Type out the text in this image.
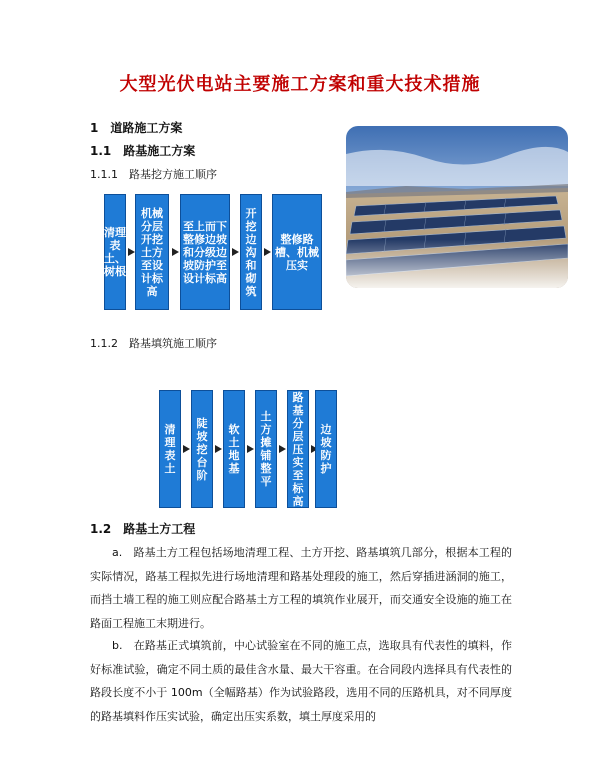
大型光伏电站主要施工方案和重大技术措施
1　道路施工方案
1.1　路基施工方案
1.1.1　路基挖方施工顺序
清理表土、树根
机械分层开挖土方至设计标高
至上而下整修边坡和分级边坡防护至设计标高
开挖边沟和砌筑
整修路槽、机械压实
1.1.2　路基填筑施工顺序
清理表土
陡坡挖台阶
软土地基
土方摊铺整平
路基分层压实至标高
边坡防护
1.2　路基土方工程
a.　路基土方工程包括场地清理工程、土方开挖、路基填筑几部分，根据本工程的实际情况，路基工程拟先进行场地清理和路基处理段的施工，然后穿插进涵洞的施工，而挡土墙工程的施工则应配合路基土方工程的填筑作业展开，而交通安全设施的施工在路面工程施工末期进行。
b.　在路基正式填筑前，中心试验室在不同的施工点，选取具有代表性的填料，作好标准试验，确定不同土质的最佳含水量、最大干容重。在合同段内选择具有代表性的路段长度不小于 100m（全幅路基）作为试验路段，选用不同的压路机具，对不同厚度的路基填料作压实试验，确定出压实系数，填土厚度采用的
